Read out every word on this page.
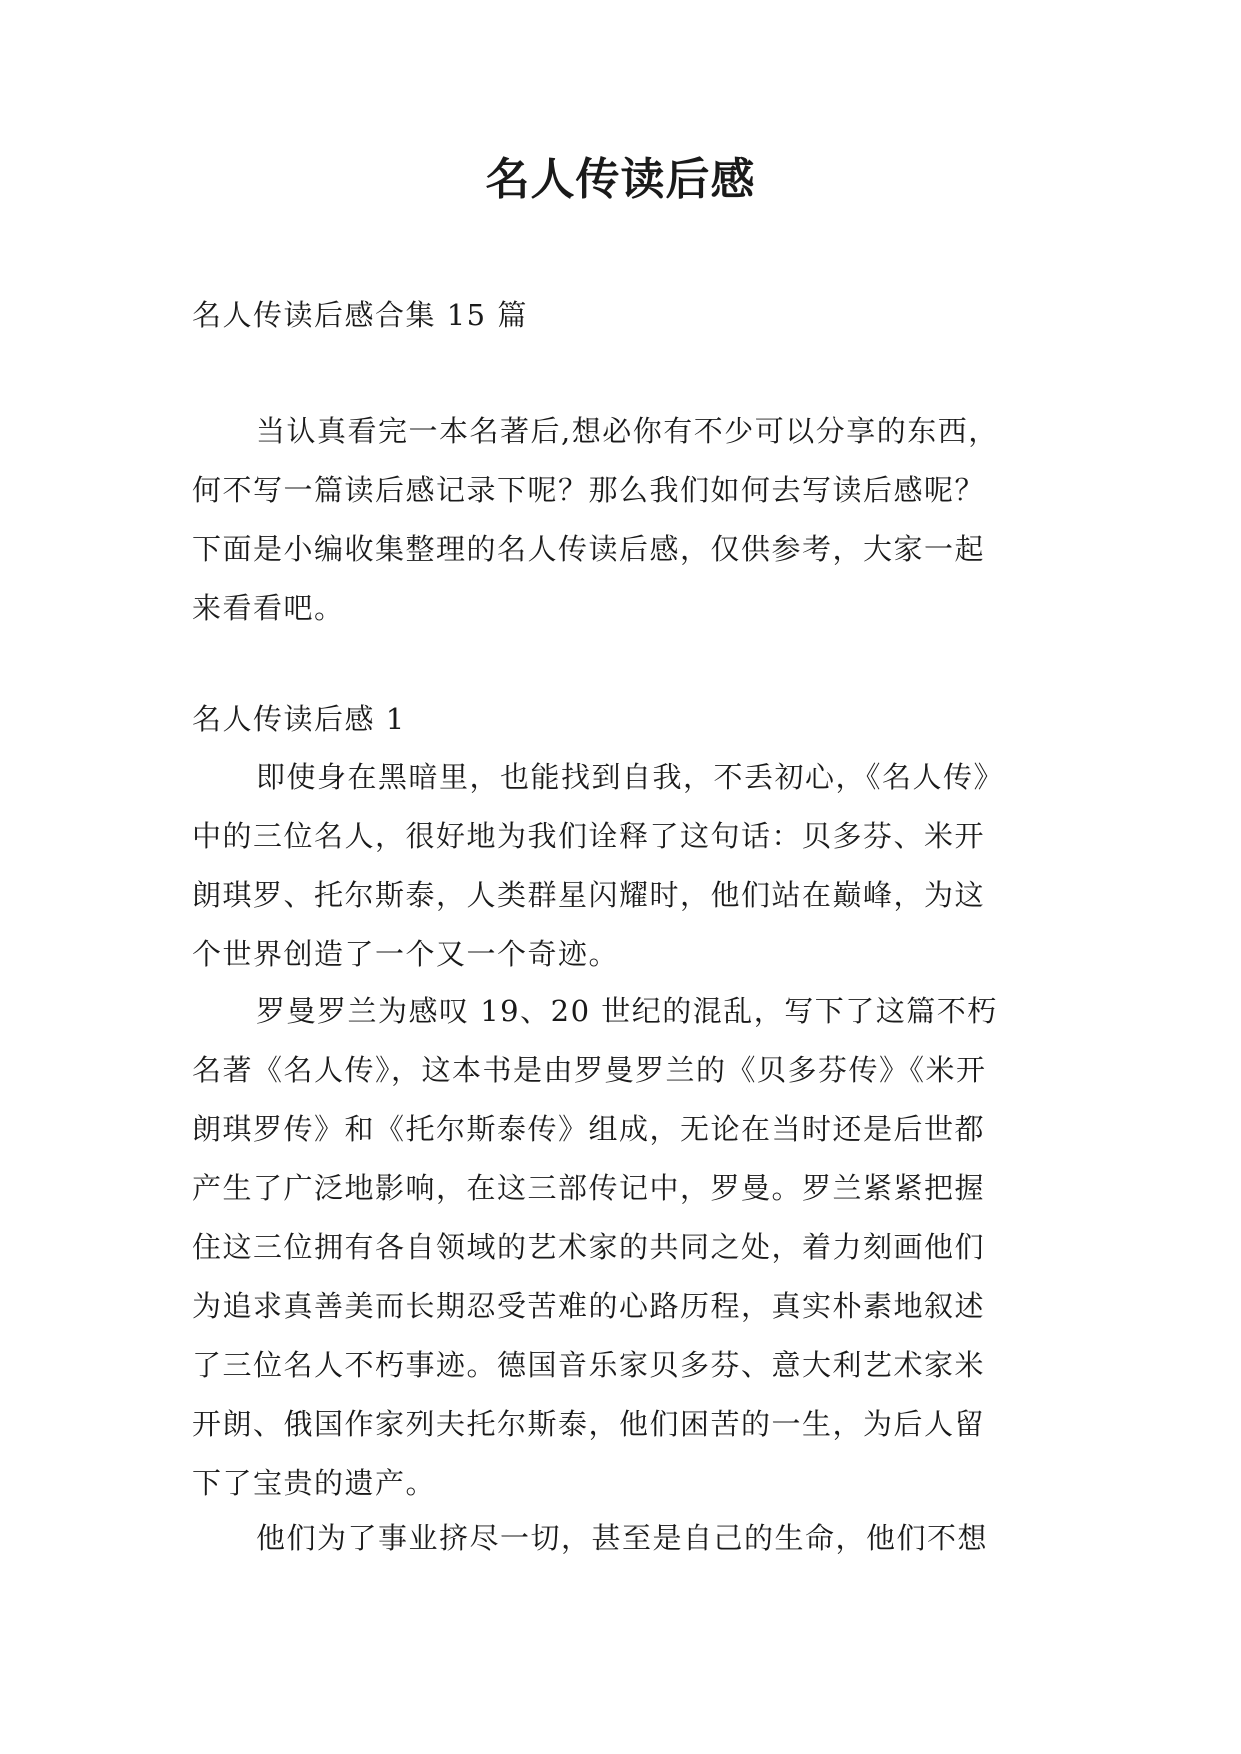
名人传读后感

名人传读后感合集 15 篇

当认真看完一本名著后,想必你有不少可以分享的东西，
何不写一篇读后感记录下呢？那么我们如何去写读后感呢？
下面是小编收集整理的名人传读后感，仅供参考，大家一起
来看看吧。

名人传读后感 1

即使身在黑暗里，也能找到自我，不丢初心，《名人传》
中的三位名人，很好地为我们诠释了这句话：贝多芬、米开
朗琪罗、托尔斯泰，人类群星闪耀时，他们站在巅峰，为这
个世界创造了一个又一个奇迹。
罗曼罗兰为感叹 19、20 世纪的混乱，写下了这篇不朽
名著《名人传》，这本书是由罗曼罗兰的《贝多芬传》《米开
朗琪罗传》和《托尔斯泰传》组成，无论在当时还是后世都
产生了广泛地影响，在这三部传记中，罗曼。罗兰紧紧把握
住这三位拥有各自领域的艺术家的共同之处，着力刻画他们
为追求真善美而长期忍受苦难的心路历程，真实朴素地叙述
了三位名人不朽事迹。德国音乐家贝多芬、意大利艺术家米
开朗、俄国作家列夫托尔斯泰，他们困苦的一生，为后人留
下了宝贵的遗产。
他们为了事业挤尽一切，甚至是自己的生命，他们不想
